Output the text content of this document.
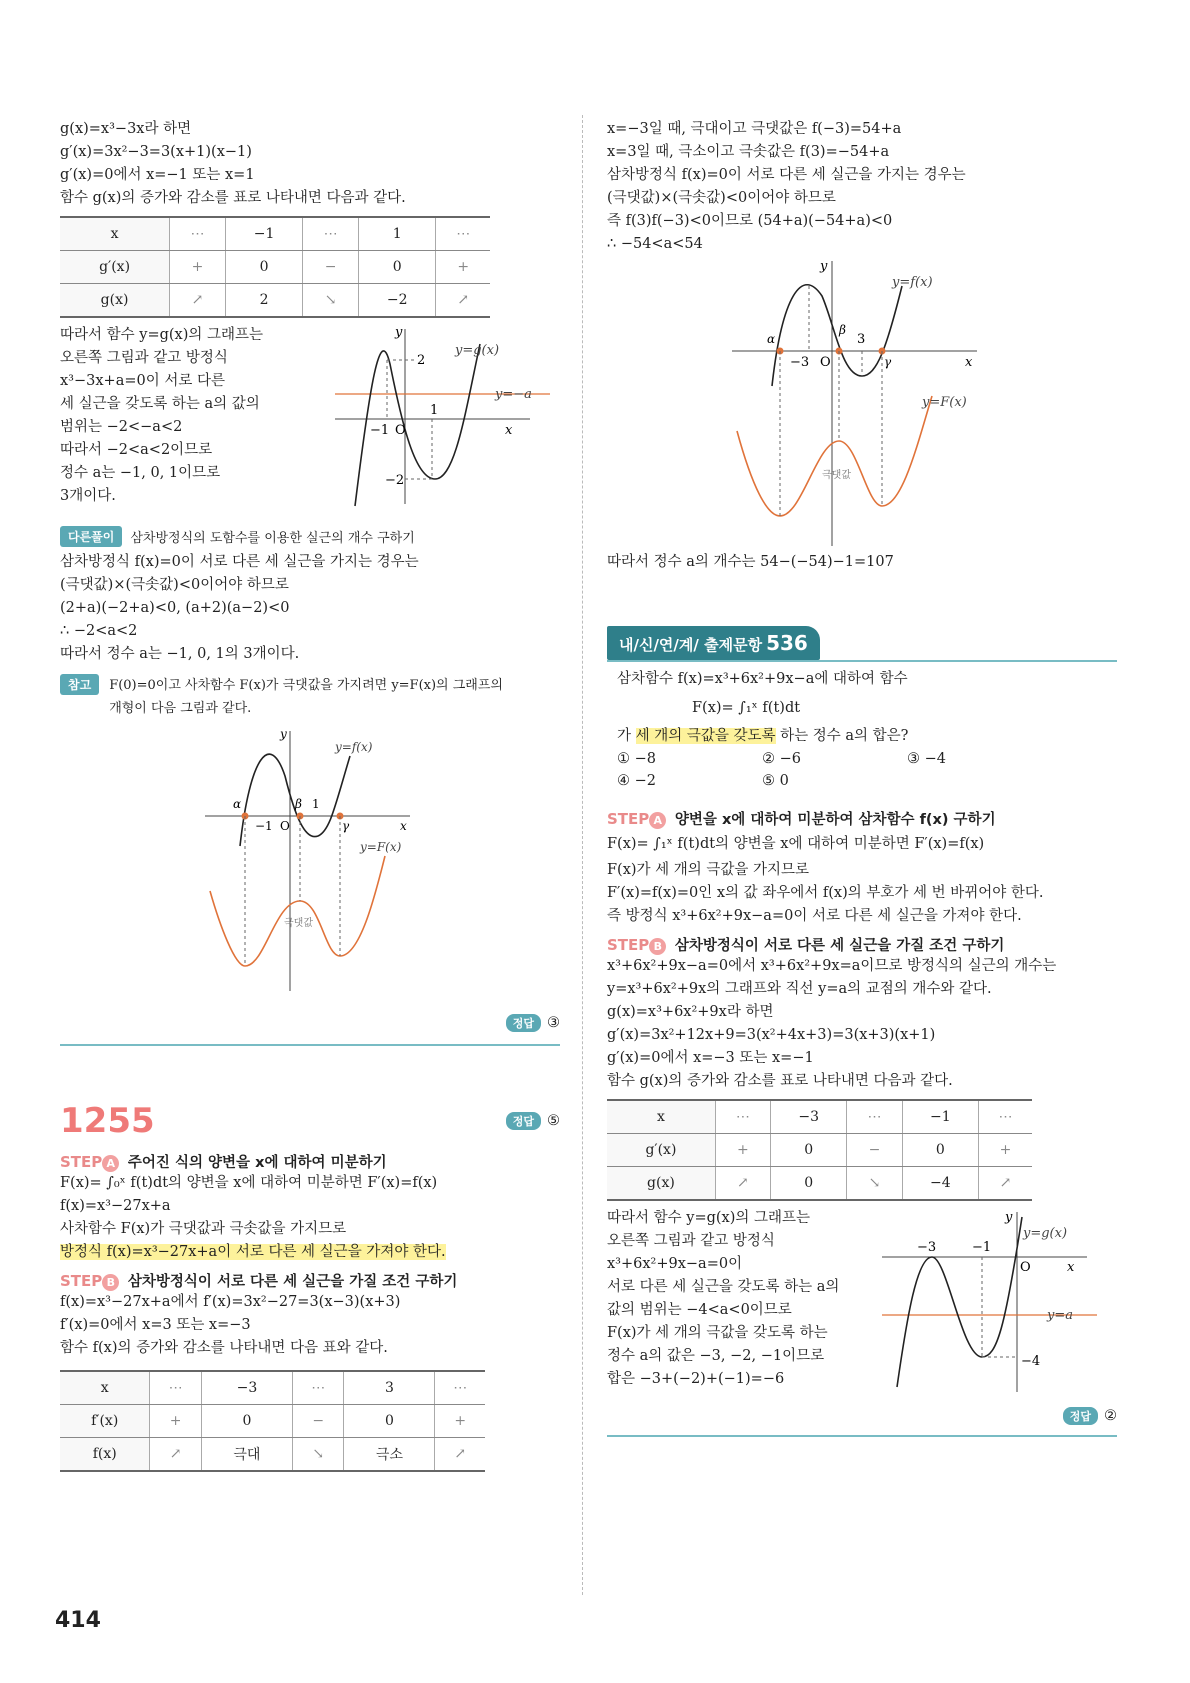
g(x)=x³−3x라 하면

g′(x)=3x²−3=3(x+1)(x−1)

g′(x)=0에서 x=−1 또는 x=1

함수 g(x)의 증가와 감소를 표로 나타내면 다음과 같다.

x	⋯	−1	⋯	1	⋯
g′(x)	+	0	−	0	+
g(x)	↗	2	↘	−2	↗

따라서 함수 y=g(x)의 그래프는

오른쪽 그림과 같고 방정식

x³−3x+a=0이 서로 다른

세 실근을 갖도록 하는 a의 값의

범위는 −2<−a<2

따라서 −2<a<2이므로

정수 a는 −1, 0, 1이므로

3개이다.

2
−2
−1
1
O	x
y
y=g(x)
y=−a
다른풀이	삼차방정식의 도함수를 이용한 실근의 개수 구하기

삼차방정식 f(x)=0이 서로 다른 세 실근을 가지는 경우는

(극댓값)×(극솟값)<0이어야 하므로

(2+a)(−2+a)<0, (a+2)(a−2)<0

∴ −2<a<2

따라서 정수 a는 −1, 0, 1의 3개이다.

참고	F(0)=0이고 사차함수 F(x)가 극댓값을 가지려면 y=F(x)의 그래프의

개형이 다음 그림과 같다.

α	β
γ
−1
1
O	x
y
y=f(x)
y=F(x)
극댓값
정답 ③
1255	정답 ⑤
STEP A 주어진 식의 양변을 x에 대하여 미분하기

F(x)= ∫₀ˣ f(t)dt의 양변을 x에 대하여 미분하면 F′(x)=f(x)

f(x)=x³−27x+a

사차함수 F(x)가 극댓값과 극솟값을 가지므로

방정식 f(x)=x³−27x+a이 서로 다른 세 실근을 가져야 한다.

STEP B 삼차방정식이 서로 다른 세 실근을 가질 조건 구하기

f(x)=x³−27x+a에서 f′(x)=3x²−27=3(x−3)(x+3)

f′(x)=0에서 x=3 또는 x=−3

함수 f(x)의 증가와 감소를 나타내면 다음 표와 같다.

x	⋯	−3	⋯	3	⋯
f′(x)	+	0	−	0	+
f(x)	↗	극대	↘	극소	↗

x=−3일 때, 극대이고 극댓값은 f(−3)=54+a

x=3일 때, 극소이고 극솟값은 f(3)=−54+a

삼차방정식 f(x)=0이 서로 다른 세 실근을 가지는 경우는

(극댓값)×(극솟값)<0이어야 하므로

즉 f(3)f(−3)<0이므로 (54+a)(−54+a)<0

∴ −54<a<54

α
β
γ
−3
3
O	x
y
y=f(x)
y=F(x)
극댓값

따라서 정수 a의 개수는 54−(−54)−1=107

내/신/연/계/ 출제문항 536

삼차함수 f(x)=x³+6x²+9x−a에 대하여 함수

F(x)= ∫₁ˣ f(t)dt

가 세 개의 극값을 갖도록 하는 정수 a의 합은?

① −8	② −6	③ −4
④ −2	⑤ 0
STEP A 양변을 x에 대하여 미분하여 삼차함수 f(x) 구하기

F(x)= ∫₁ˣ f(t)dt의 양변을 x에 대하여 미분하면 F′(x)=f(x)

F(x)가 세 개의 극값을 가지므로

F′(x)=f(x)=0인 x의 값 좌우에서 f(x)의 부호가 세 번 바뀌어야 한다.

즉 방정식 x³+6x²+9x−a=0이 서로 다른 세 실근을 가져야 한다.

STEP B 삼차방정식이 서로 다른 세 실근을 가질 조건 구하기

x³+6x²+9x−a=0에서 x³+6x²+9x=a이므로 방정식의 실근의 개수는

y=x³+6x²+9x의 그래프와 직선 y=a의 교점의 개수와 같다.

g(x)=x³+6x²+9x라 하면

g′(x)=3x²+12x+9=3(x²+4x+3)=3(x+3)(x+1)

g′(x)=0에서 x=−3 또는 x=−1

함수 g(x)의 증가와 감소를 표로 나타내면 다음과 같다.

x	⋯	−3	⋯	−1	⋯
g′(x)	+	0	−	0	+
g(x)	↗	0	↘	−4	↗

따라서 함수 y=g(x)의 그래프는

오른쪽 그림과 같고 방정식

x³+6x²+9x−a=0이

서로 다른 세 실근을 갖도록 하는 a의

값의 범위는 −4<a<0이므로

F(x)가 세 개의 극값을 갖도록 하는

정수 a의 값은 −3, −2, −1이므로

합은 −3+(−2)+(−1)=−6

−3	−1
−4
O	x
y
y=g(x)
y=a
정답 ②
414
